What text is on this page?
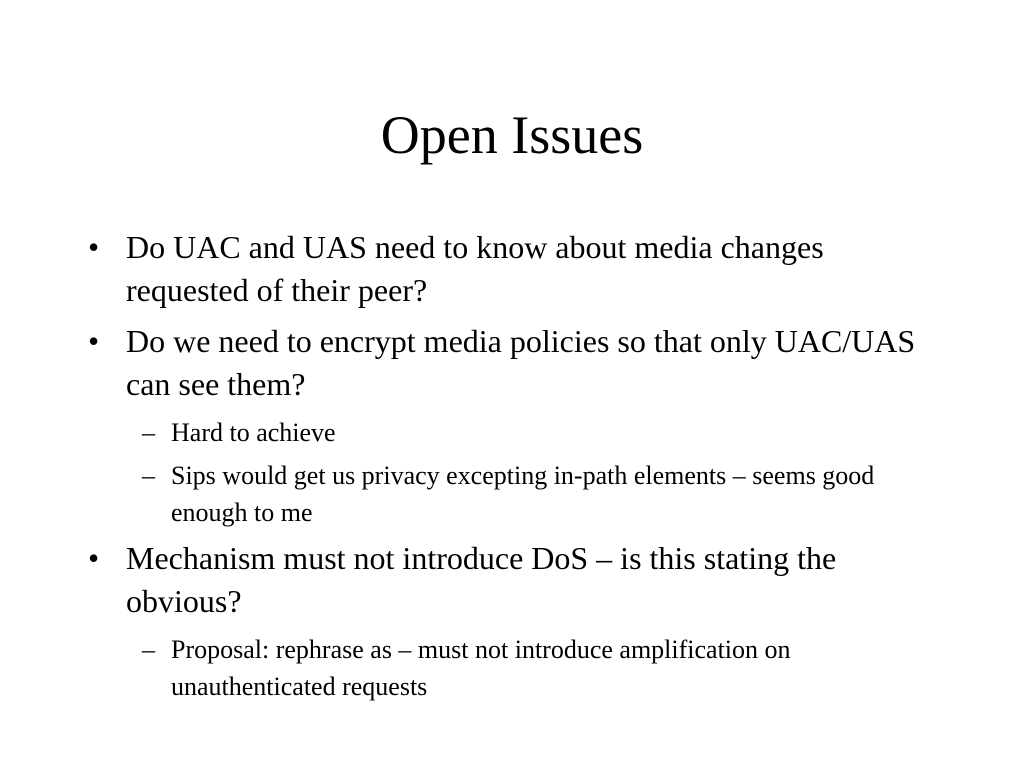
Open Issues
• Do UAC and UAS need to know about media changes requested of their peer?
• Do we need to encrypt media policies so that only UAC/UAS can see them?
– Hard to achieve
– Sips would get us privacy excepting in-path elements – seems good enough to me
• Mechanism must not introduce DoS – is this stating the obvious?
– Proposal: rephrase as – must not introduce amplification on unauthenticated requests
